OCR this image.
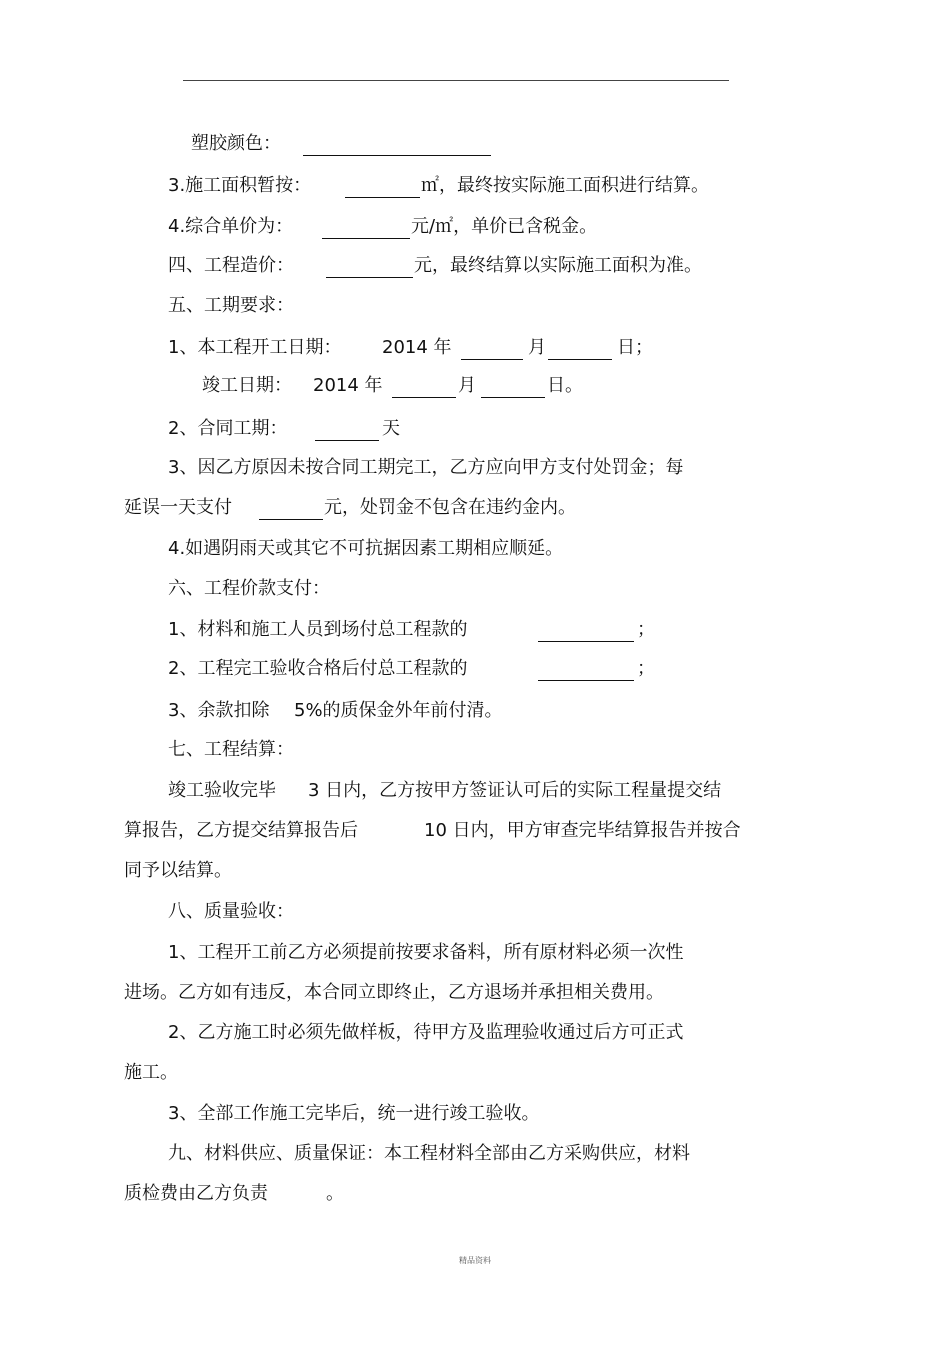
塑胶颜色：
3.施工面积暂按：	㎡，最终按实际施工面积进行结算。
4.综合单价为：	元/㎡，单价已含税金。
四、工程造价：	元，最终结算以实际施工面积为准。
五、工期要求：
1、本工程开工日期： 2014 年	月	日；
竣工日期： 2014 年	月	日。
2、合同工期：	天
3、因乙方原因未按合同工期完工，乙方应向甲方支付处罚金；每
延误一天支付	元，处罚金不包含在违约金内。
4.如遇阴雨天或其它不可抗据因素工期相应顺延。
六、工程价款支付：
1、材料和施工人员到场付总工程款的	；
2、工程完工验收合格后付总工程款的	；
3、余款扣除 5%的质保金外年前付清。
七、工程结算：
竣工验收完毕 3 日内，乙方按甲方签证认可后的实际工程量提交结
算报告，乙方提交结算报告后	10 日内，甲方审查完毕结算报告并按合
同予以结算。
八、质量验收：
1、工程开工前乙方必须提前按要求备料，所有原材料必须一次性
进场。乙方如有违反，本合同立即终止，乙方退场并承担相关费用。
2、乙方施工时必须先做样板，待甲方及监理验收通过后方可正式
施工。
3、全部工作施工完毕后，统一进行竣工验收。
九、材料供应、质量保证：本工程材料全部由乙方采购供应，材料
质检费由乙方负责	。
精品资料
